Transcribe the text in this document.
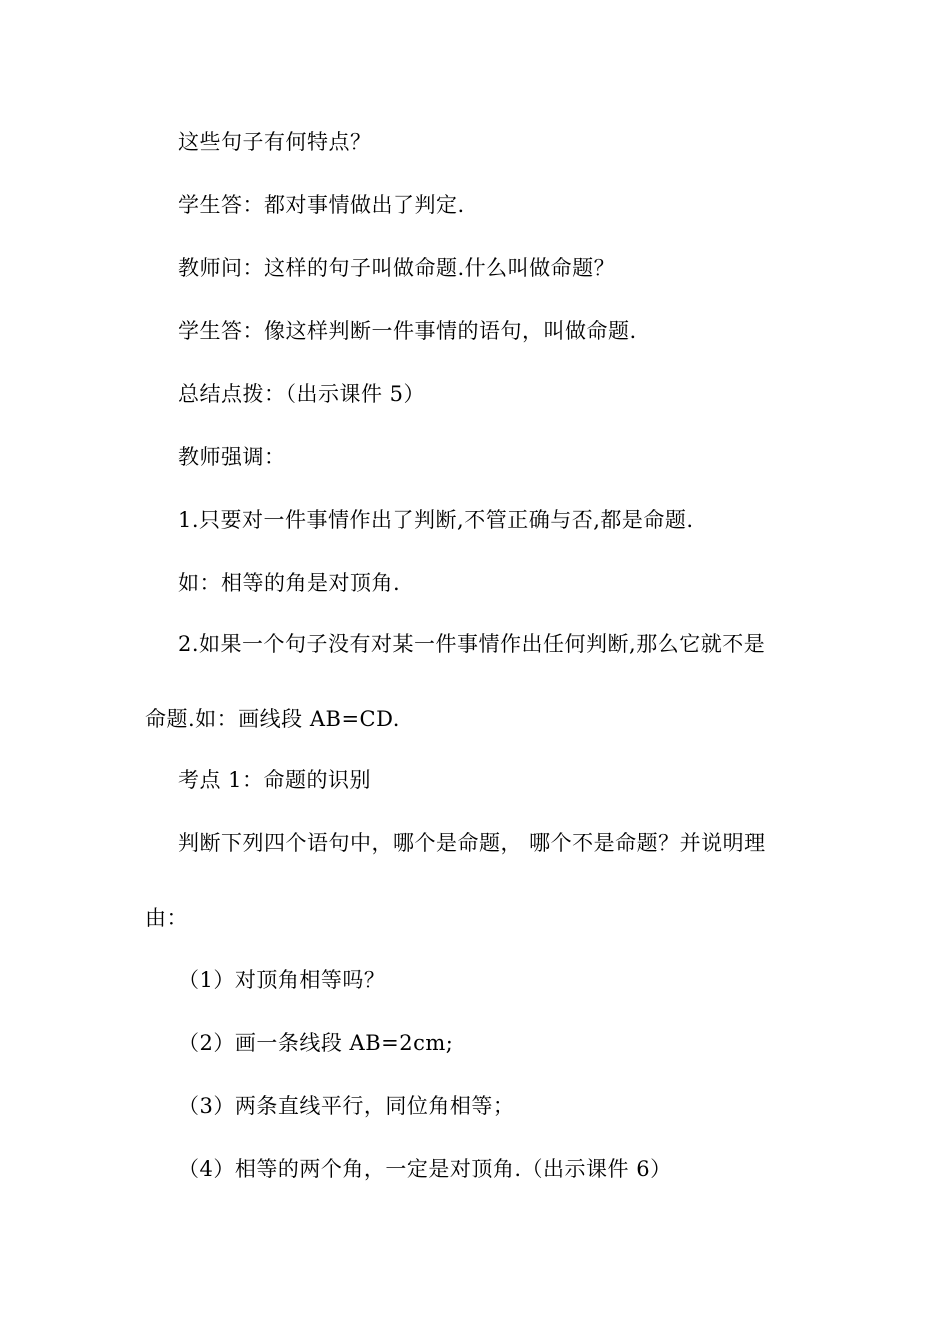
这些句子有何特点？
学生答：都对事情做出了判定.
教师问：这样的句子叫做命题.什么叫做命题？
学生答：像这样判断一件事情的语句，叫做命题.
总结点拨：（出示课件 5）
教师强调：
1.只要对一件事情作出了判断,不管正确与否,都是命题.
如：相等的角是对顶角.
2.如果一个句子没有对某一件事情作出任何判断,那么它就不是
命题.如：画线段 AB=CD.
考点 1：命题的识别
判断下列四个语句中，哪个是命题， 哪个不是命题？并说明理
由：
（1）对顶角相等吗？
（2）画一条线段 AB=2cm;
（3）两条直线平行，同位角相等；
（4）相等的两个角，一定是对顶角.（出示课件 6）
